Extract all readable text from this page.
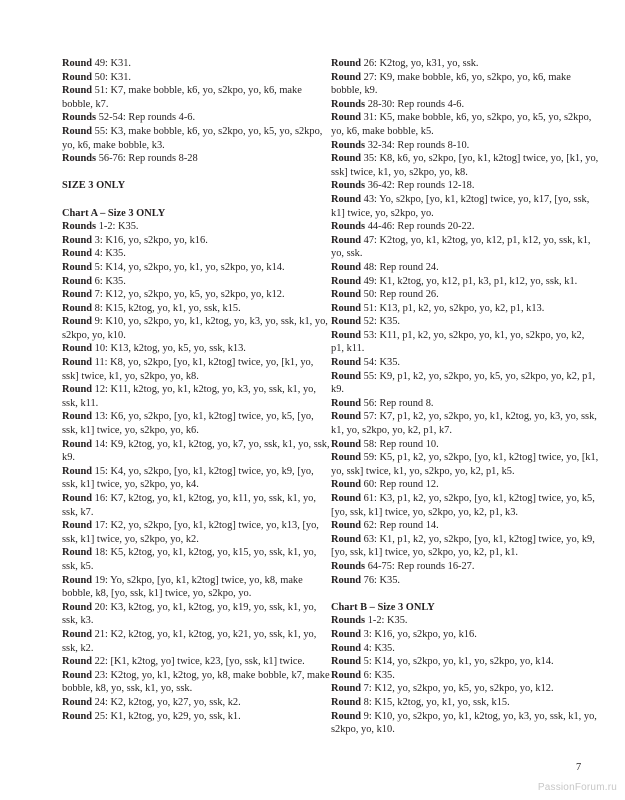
Round 49: K31.

Round 50: K31.

Round 51: K7, make bobble, k6, yo, s2kpo, yo, k6, make bobble, k7.

Rounds 52-54: Rep rounds 4-6.

Round 55: K3, make bobble, k6, yo, s2kpo, yo, k5, yo, s2kpo, yo, k6, make bobble, k3.

Rounds 56-76: Rep rounds 8-28

SIZE 3 ONLY

Chart A – Size 3 ONLY

Rounds 1-2: K35.

Round 3: K16, yo, s2kpo, yo, k16.

Round 4: K35.

Round 5: K14, yo, s2kpo, yo, k1, yo, s2kpo, yo, k14.

Round 6: K35.

Round 7: K12, yo, s2kpo, yo, k5, yo, s2kpo, yo, k12.

Round 8: K15, k2tog, yo, k1, yo, ssk, k15.

Round 9: K10, yo, s2kpo, yo, k1, k2tog, yo, k3, yo, ssk, k1, yo, s2kpo, yo, k10.

Round 10: K13, k2tog, yo, k5, yo, ssk, k13.

Round 11: K8, yo, s2kpo, [yo, k1, k2tog] twice, yo, [k1, yo, ssk] twice, k1, yo, s2kpo, yo, k8.

Round 12: K11, k2tog, yo, k1, k2tog, yo, k3, yo, ssk, k1, yo, ssk, k11.

Round 13: K6, yo, s2kpo, [yo, k1, k2tog] twice, yo, k5, [yo, ssk, k1] twice, yo, s2kpo, yo, k6.

Round 14: K9, k2tog, yo, k1, k2tog, yo, k7, yo, ssk, k1, yo, ssk, k9.

Round 15: K4, yo, s2kpo, [yo, k1, k2tog] twice, yo, k9, [yo, ssk, k1] twice, yo, s2kpo, yo, k4.

Round 16: K7, k2tog, yo, k1, k2tog, yo, k11, yo, ssk, k1, yo, ssk, k7.

Round 17: K2, yo, s2kpo, [yo, k1, k2tog] twice, yo, k13, [yo, ssk, k1] twice, yo, s2kpo, yo, k2.

Round 18: K5, k2tog, yo, k1, k2tog, yo, k15, yo, ssk, k1, yo, ssk, k5.

Round 19: Yo, s2kpo, [yo, k1, k2tog] twice, yo, k8, make bobble, k8, [yo, ssk, k1] twice, yo, s2kpo, yo.

Round 20: K3, k2tog, yo, k1, k2tog, yo, k19, yo, ssk, k1, yo, ssk, k3.

Round 21: K2, k2tog, yo, k1, k2tog, yo, k21, yo, ssk, k1, yo, ssk, k2.

Round 22: [K1, k2tog, yo] twice, k23, [yo, ssk, k1] twice.

Round 23: K2tog, yo, k1, k2tog, yo, k8, make bobble, k7, make bobble, k8, yo, ssk, k1, yo, ssk.

Round 24: K2, k2tog, yo, k27, yo, ssk, k2.

Round 25: K1, k2tog, yo, k29, yo, ssk, k1.

Round 26: K2tog, yo, k31, yo, ssk.

Round 27: K9, make bobble, k6, yo, s2kpo, yo, k6, make bobble, k9.

Rounds 28-30: Rep rounds 4-6.

Round 31: K5, make bobble, k6, yo, s2kpo, yo, k5, yo, s2kpo, yo, k6, make bobble, k5.

Rounds 32-34: Rep rounds 8-10.

Round 35: K8, k6, yo, s2kpo, [yo, k1, k2tog] twice, yo, [k1, yo, ssk] twice, k1, yo, s2kpo, yo, k8.

Rounds 36-42: Rep rounds 12-18.

Round 43: Yo, s2kpo, [yo, k1, k2tog] twice, yo, k17, [yo, ssk, k1] twice, yo, s2kpo, yo.

Rounds 44-46: Rep rounds 20-22.

Round 47: K2tog, yo, k1, k2tog, yo, k12, p1, k12, yo, ssk, k1, yo, ssk.

Round 48: Rep round 24.

Round 49: K1, k2tog, yo, k12, p1, k3, p1, k12, yo, ssk, k1.

Round 50: Rep round 26.

Round 51: K13, p1, k2, yo, s2kpo, yo, k2, p1, k13.

Round 52: K35.

Round 53: K11, p1, k2, yo, s2kpo, yo, k1, yo, s2kpo, yo, k2, p1, k11.

Round 54: K35.

Round 55: K9, p1, k2, yo, s2kpo, yo, k5, yo, s2kpo, yo, k2, p1, k9.

Round 56: Rep round 8.

Round 57: K7, p1, k2, yo, s2kpo, yo, k1, k2tog, yo, k3, yo, ssk, k1, yo, s2kpo, yo, k2, p1, k7.

Round 58: Rep round 10.

Round 59: K5, p1, k2, yo, s2kpo, [yo, k1, k2tog] twice, yo, [k1, yo, ssk] twice, k1, yo, s2kpo, yo, k2, p1, k5.

Round 60: Rep round 12.

Round 61: K3, p1, k2, yo, s2kpo, [yo, k1, k2tog] twice, yo, k5, [yo, ssk, k1] twice, yo, s2kpo, yo, k2, p1, k3.

Round 62: Rep round 14.

Round 63: K1, p1, k2, yo, s2kpo, [yo, k1, k2tog] twice, yo, k9, [yo, ssk, k1] twice, yo, s2kpo, yo, k2, p1, k1.

Rounds 64-75: Rep rounds 16-27.

Round 76: K35.

Chart B – Size 3 ONLY

Rounds 1-2: K35.

Round 3: K16, yo, s2kpo, yo, k16.

Round 4: K35.

Round 5: K14, yo, s2kpo, yo, k1, yo, s2kpo, yo, k14.

Round 6: K35.

Round 7: K12, yo, s2kpo, yo, k5, yo, s2kpo, yo, k12.

Round 8: K15, k2tog, yo, k1, yo, ssk, k15.

Round 9: K10, yo, s2kpo, yo, k1, k2tog, yo, k3, yo, ssk, k1, yo, s2kpo, yo, k10.

7
PassionForum.ru
